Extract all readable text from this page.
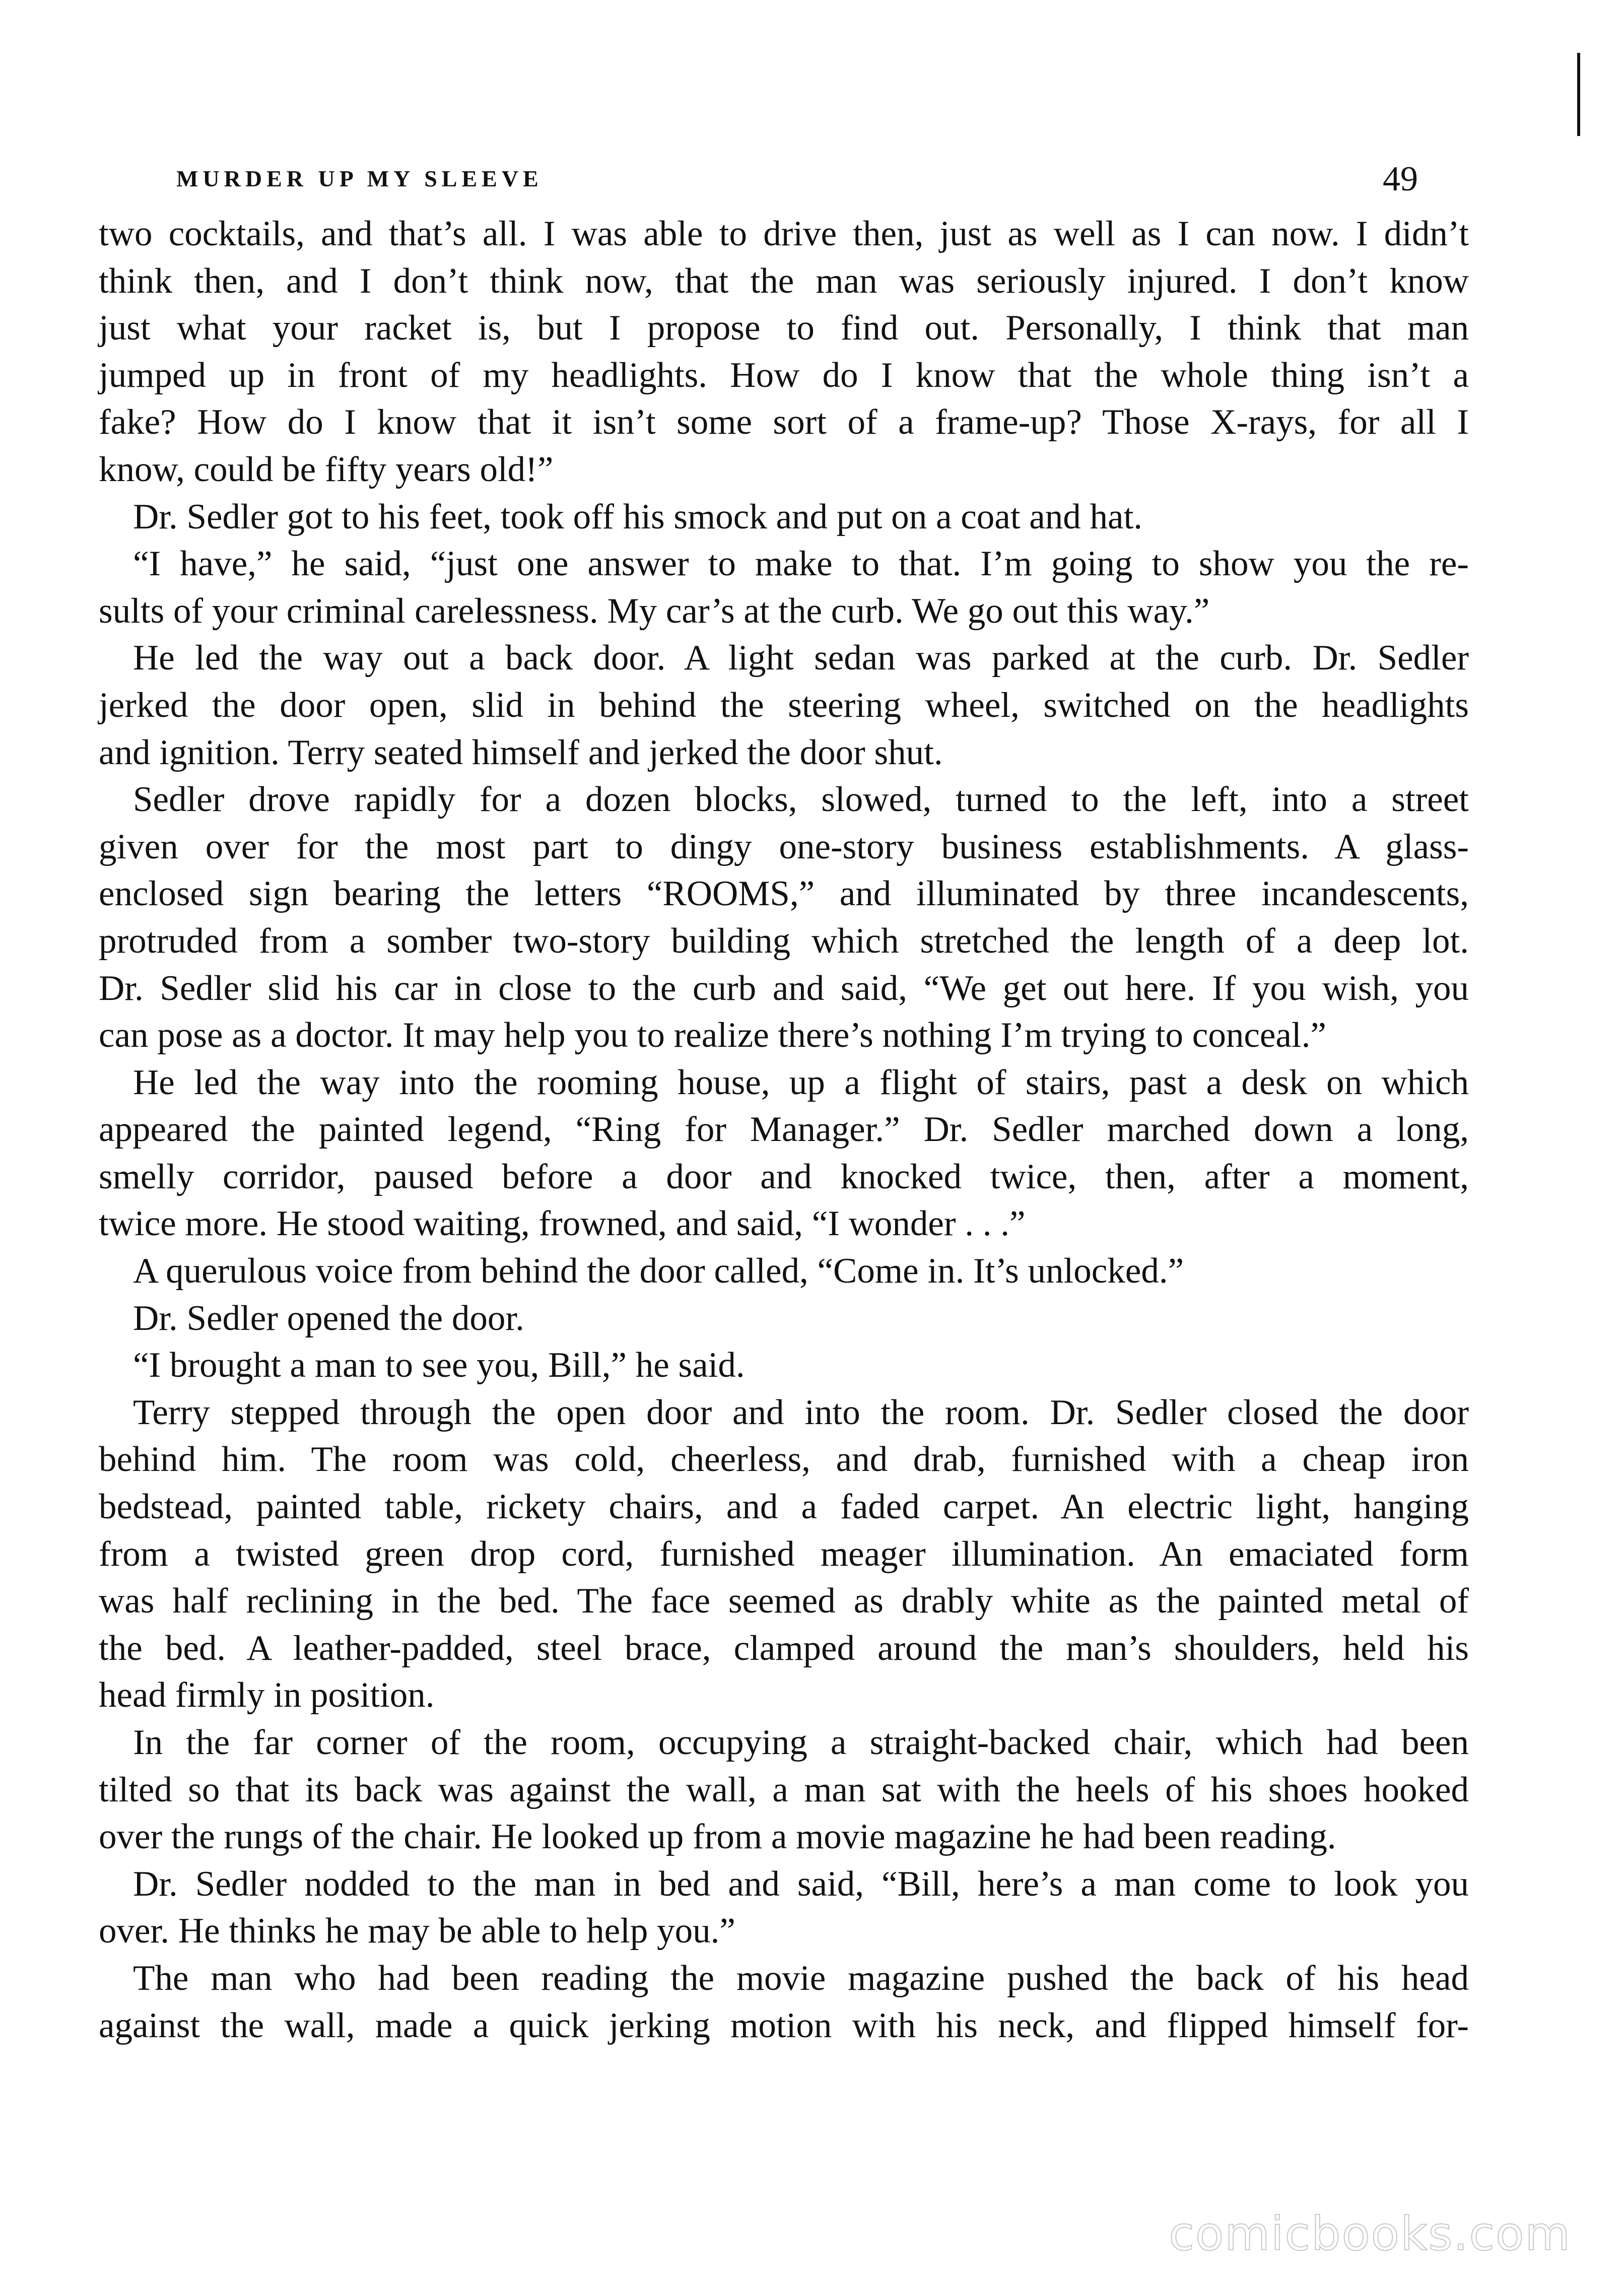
MURDER UP MY SLEEVE	49
two cocktails, and that’s all. I was able to drive then, just as well as I can now. I didn’t
think then, and I don’t think now, that the man was seriously injured. I don’t know
just what your racket is, but I propose to find out. Personally, I think that man
jumped up in front of my headlights. How do I know that the whole thing isn’t a
fake? How do I know that it isn’t some sort of a frame-up? Those X-rays, for all I
know, could be fifty years old!”
Dr. Sedler got to his feet, took off his smock and put on a coat and hat.
“I have,” he said, “just one answer to make to that. I’m going to show you the re-
sults of your criminal carelessness. My car’s at the curb. We go out this way.”
He led the way out a back door. A light sedan was parked at the curb. Dr. Sedler
jerked the door open, slid in behind the steering wheel, switched on the headlights
and ignition. Terry seated himself and jerked the door shut.
Sedler drove rapidly for a dozen blocks, slowed, turned to the left, into a street
given over for the most part to dingy one-story business establishments. A glass-
enclosed sign bearing the letters “ROOMS,” and illuminated by three incandescents,
protruded from a somber two-story building which stretched the length of a deep lot.
Dr. Sedler slid his car in close to the curb and said, “We get out here. If you wish, you
can pose as a doctor. It may help you to realize there’s nothing I’m trying to conceal.”
He led the way into the rooming house, up a flight of stairs, past a desk on which
appeared the painted legend, “Ring for Manager.” Dr. Sedler marched down a long,
smelly corridor, paused before a door and knocked twice, then, after a moment,
twice more. He stood waiting, frowned, and said, “I wonder . . .”
A querulous voice from behind the door called, “Come in. It’s unlocked.”
Dr. Sedler opened the door.
“I brought a man to see you, Bill,” he said.
Terry stepped through the open door and into the room. Dr. Sedler closed the door
behind him. The room was cold, cheerless, and drab, furnished with a cheap iron
bedstead, painted table, rickety chairs, and a faded carpet. An electric light, hanging
from a twisted green drop cord, furnished meager illumination. An emaciated form
was half reclining in the bed. The face seemed as drably white as the painted metal of
the bed. A leather-padded, steel brace, clamped around the man’s shoulders, held his
head firmly in position.
In the far corner of the room, occupying a straight-backed chair, which had been
tilted so that its back was against the wall, a man sat with the heels of his shoes hooked
over the rungs of the chair. He looked up from a movie magazine he had been reading.
Dr. Sedler nodded to the man in bed and said, “Bill, here’s a man come to look you
over. He thinks he may be able to help you.”
The man who had been reading the movie magazine pushed the back of his head
against the wall, made a quick jerking motion with his neck, and flipped himself for-
comicbooks.com
